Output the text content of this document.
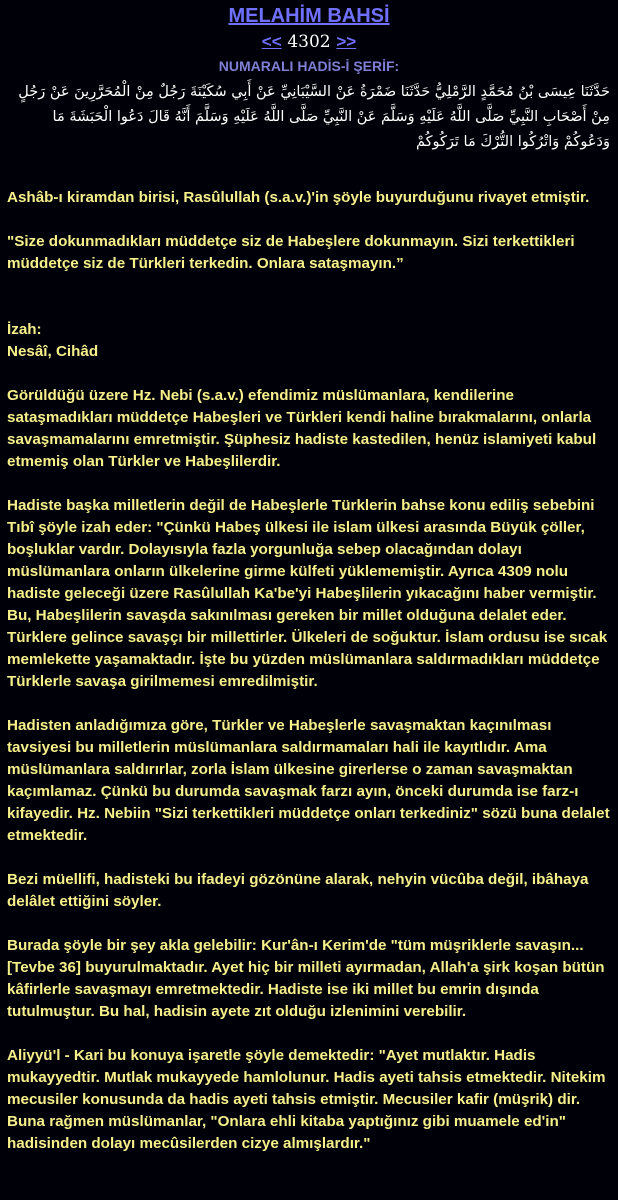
MELAHİM BAHSİ
<< 4302 >>
NUMARALI HADİS-İ ŞERİF:
حَدَّثَنَا عِيسَى بْنُ مُحَمَّدٍ الرَّمْلِيُّ حَدَّثَنَا ضَمْرَةُ عَنْ السَّيْبَانِيِّ عَنْ أَبِي سُكَيْنَةَ رَجُلٌ مِنْ الْمُحَرَّرِينَ عَنْ رَجُلٍ مِنْ أَصْحَابِ النَّبِيِّ صَلَّى اللَّهُ عَلَيْهِ وَسَلَّمَ عَنْ النَّبِيِّ صَلَّى اللَّهُ عَلَيْهِ وَسَلَّمَ أَنَّهُ قَالَ دَعُوا الْحَبَشَةَ مَا وَدَعُوكُمْ وَاتْرُكُوا التُّرْكَ مَا تَرَكُوكُمْ

Ashâb-ı kiramdan birisi, Rasûlullah (s.a.v.)'in şöyle buyurduğunu rivayet etmiştir.

"Size dokunmadıkları müddetçe siz de Habeşlere dokunmayın. Sizi terkettikleri müddetçe siz de Türkleri terkedin. Onlara sataşmayın.”

İzah:

Nesâî, Cihâd

Görüldüğü üzere Hz. Nebi (s.a.v.) efendimiz müslümanlara, kendilerine sataşmadıkları müddetçe Habeşleri ve Türkleri kendi haline bırakmalarını, onlarla savaşmamalarını emretmiştir. Şüphesiz hadiste kastedilen, henüz islamiyeti kabul etmemiş olan Türkler ve Habeşlilerdir.

Hadiste başka milletlerin değil de Habeşlerle Türklerin bahse konu ediliş sebebini Tıbî şöyle izah eder: "Çünkü Habeş ülkesi ile islam ülkesi arasında Büyük çöller, boşluklar vardır. Dolayısıyla fazla yorgunluğa sebep olacağından dolayı müslümanlara onların ülkelerine girme külfeti yüklememiştir. Ayrıca 4309 nolu hadiste geleceği üzere Rasûlullah Ka'be'yi Habeşlilerin yıkacağını haber vermiştir. Bu, Habeşlilerin savaşda sakınılması gereken bir millet olduğuna delalet eder. Türklere gelince savaşçı bir millettirler. Ülkeleri de soğuktur. İslam ordusu ise sıcak memlekette yaşamaktadır. İşte bu yüzden müslümanlara saldırmadıkları müddetçe Türklerle savaşa girilmemesi emredilmiştir.

Hadisten anladığımıza göre, Türkler ve Habeşlerle savaşmaktan kaçınılması tavsiyesi bu milletlerin müslümanlara saldırmamaları hali ile kayıtlıdır. Ama müslümanlara saldırırlar, zorla İslam ülkesine girerlerse o zaman savaşmaktan kaçımlamaz. Çünkü bu durumda savaşmak farzı ayın, önceki durumda ise farz-ı kifayedir. Hz. Nebiin "Sizi terkettikleri müddetçe onları terkediniz" sözü buna delalet etmektedir.

Bezi müellifi, hadisteki bu ifadeyi gözönüne alarak, nehyin vücûba değil, ibâhaya delâlet ettiğini söyler.

Burada şöyle bir şey akla gelebilir: Kur'ân-ı Kerim'de "tüm müşriklerle savaşın...[Tevbe 36] buyurulmaktadır. Ayet hiç bir milleti ayırmadan, Allah'a şirk koşan bütün kâfirlerle savaşmayı emretmektedir. Hadiste ise iki millet bu emrin dışında tutulmuştur. Bu hal, hadisin ayete zıt olduğu izlenimini verebilir.

Aliyyü'l - Kari bu konuya işaretle şöyle demektedir: "Ayet mutlaktır. Hadis mukayyedtir. Mutlak mukayyede hamlolunur. Hadis ayeti tahsis etmektedir. Nitekim mecusiler konusunda da hadis ayeti tahsis etmiştir. Mecusiler kafir (müşrik) dir. Buna rağmen müslümanlar, "Onlara ehli kitaba yaptığınız gibi muamele ed'in" hadisinden dolayı mecûsilerden cizye almışlardır."
